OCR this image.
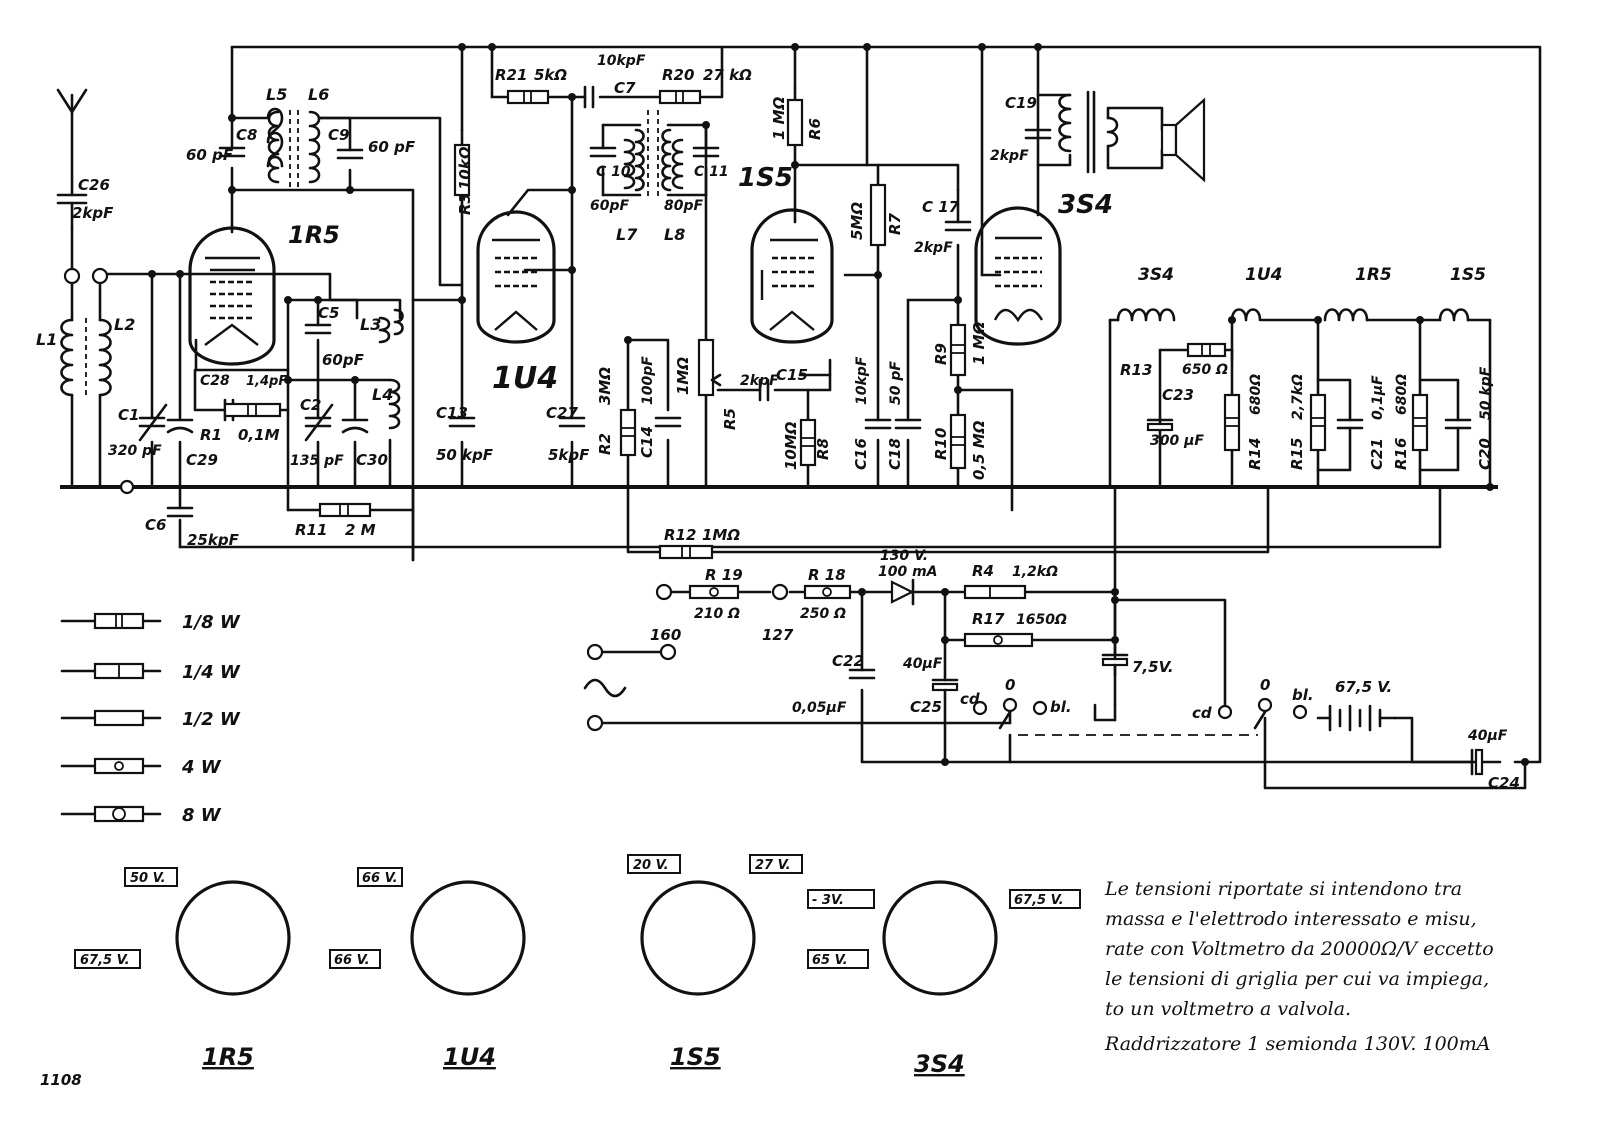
1R5
1U4
1S5
3S4
L1
L2
L5 L6
L3
L4
L7 L8
C26
2kpF
C8
60 pF
C9
60 pF
C1
320 pF C29
C6
25kpF
C28 1,4pF
R1 0,1M
C5
60pF
C2
135 pF C30
R11 2 M
R3
10kΩ
C13
50 kpF
R21 5kΩ
10kpF
C7
R20 27 kΩ
C 10
60pF
C 11
80pF
C27
5kpF R2
3MΩ
C14
100pF
R5
1MΩ	2kpF
C15
R6
1 MΩ
R7
5MΩ
R8
10MΩ	C16
10kpF
C18
50 pF
C 17
2kpF
R9 1 MΩ
R10 0,5 MΩ
C19
2kpF
3S4	1U4	1R5	1S5
R13 650 Ω
C23
300 µF	R14
680Ω
R15
2,7kΩ
C21
0,1µF
R16
680Ω
C20
50 kpF
R12 1MΩ
R 19
210 Ω
R 18
250 Ω
130 V.
100 mA R4 1,2kΩ
R17 1650Ω
C22
0,05µF
40µF
C25
7,5V.
67,5 V.
40µF
C24
160	127
0	0
bl.
bl.
cd
cd
1/8 W
1/4 W
1/2 W
4 W
8 W
50 V.
67,5 V.
1R5
66 V.
66 V.
1U4
20 V.	27 V.
1S5
- 3V.
65 V.
67,5 V.
3S4
Le tensioni riportate si intendono tra
massa e l'elettrodo interessato e misu,
rate con Voltmetro da 20000Ω/V eccetto
le tensioni di griglia per cui va impiega,
to un voltmetro a valvola.
Raddrizzatore 1 semionda 130V. 100mA
1108
